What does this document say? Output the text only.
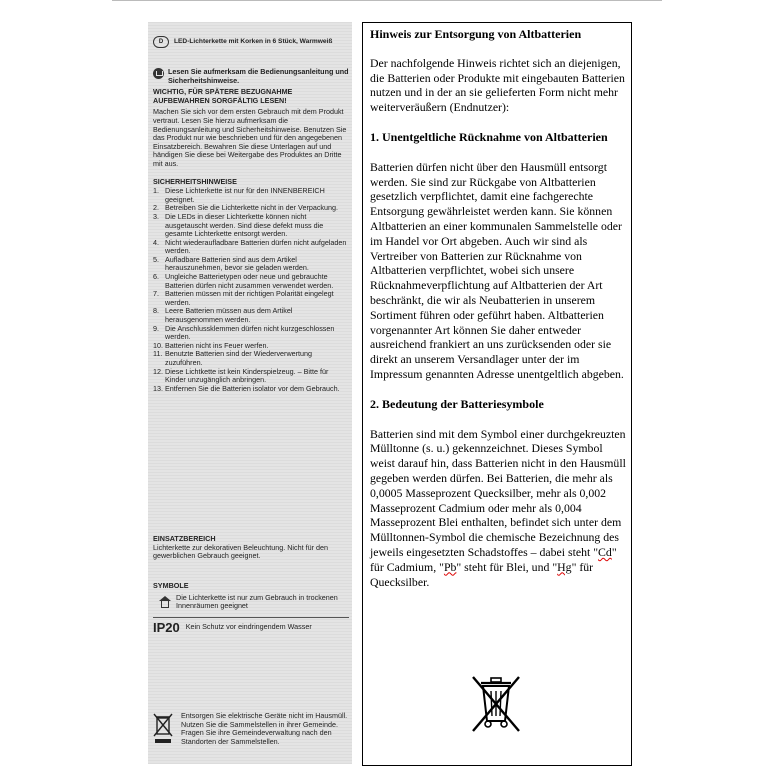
D	LED-Lichterkette mit Korken in 6 Stück, Warmweiß
Lesen Sie aufmerksam die Bedienungsanleitung und Sicherheitshinweise.
WICHTIG, FÜR SPÄTERE BEZUGNAHME AUFBEWAHREN SORGFÄLTIG LESEN!
Machen Sie sich vor dem ersten Gebrauch mit dem Produkt vertraut. Lesen Sie hierzu aufmerksam die Bedienungsanleitung und Sicherheitshinweise. Benutzen Sie das Produkt nur wie beschrieben und für den angegebenen Einsatzbereich. Bewahren Sie diese Unterlagen auf und händigen Sie diese bei Weitergabe des Produktes an Dritte mit aus.
SICHERHEITSHINWEISE
1. Diese Lichterkette ist nur für den INNENBEREICH geeignet.
2. Betreiben Sie die Lichterkette nicht in der Verpackung.
3. Die LEDs in dieser Lichterkette können nicht ausgetauscht werden. Sind diese defekt muss die gesamte Lichterkette entsorgt werden.
4. Nicht wiederaufladbare Batterien dürfen nicht aufgeladen werden.
5. Aufladbare Batterien sind aus dem Artikel herauszunehmen, bevor sie geladen werden.
6. Ungleiche Batterietypen oder neue und gebrauchte Batterien dürfen nicht zusammen verwendet werden.
7. Batterien müssen mit der richtigen Polarität eingelegt werden.
8. Leere Batterien müssen aus dem Artikel herausgenommen werden.
9. Die Anschlussklemmen dürfen nicht kurzgeschlossen werden.
10. Batterien nicht ins Feuer werfen.
11. Benutzte Batterien sind der Wiederverwertung zuzuführen.
12. Diese Lichtkette ist kein Kinderspielzeug. – Bitte für Kinder unzugänglich anbringen.
13. Entfernen Sie die Batterien isolator vor dem Gebrauch.
EINSATZBEREICH
Lichterkette zur dekorativen Beleuchtung. Nicht für den gewerblichen Gebrauch geeignet.
SYMBOLE
Die Lichterkette ist nur zum Gebrauch in trockenen Innenräumen geeignet
IP20 Kein Schutz vor eindringendem Wasser
Entsorgen Sie elektrische Geräte nicht im Hausmüll. Nutzen Sie die Sammelstellen in ihrer Gemeinde. Fragen Sie ihre Gemeindeverwaltung nach den Standorten der Sammelstellen.
Hinweis zur Entsorgung von Altbatterien

Der nachfolgende Hinweis richtet sich an diejenigen, die Batterien oder Produkte mit eingebauten Batterien nutzen und in der an sie gelieferten Form nicht mehr weiterveräußern (Endnutzer):

1. Unentgeltliche Rücknahme von Altbatterien

Batterien dürfen nicht über den Hausmüll entsorgt werden. Sie sind zur Rückgabe von Altbatterien gesetzlich verpflichtet, damit eine fachgerechte Entsorgung gewährleistet werden kann. Sie können Altbatterien an einer kommunalen Sammelstelle oder im Handel vor Ort abgeben. Auch wir sind als Vertreiber von Batterien zur Rücknahme von Altbatterien verpflichtet, wobei sich unsere Rücknahmeverpflichtung auf Altbatterien der Art beschränkt, die wir als Neubatterien in unserem Sortiment führen oder geführt haben. Altbatterien vorgenannter Art können Sie daher entweder ausreichend frankiert an uns zurücksenden oder sie direkt an unserem Versandlager unter der im Impressum genannten Adresse unentgeltlich abgeben.

2. Bedeutung der Batteriesymbole

Batterien sind mit dem Symbol einer durchgekreuzten Mülltonne (s. u.) gekennzeichnet. Dieses Symbol weist darauf hin, dass Batterien nicht in den Hausmüll gegeben werden dürfen. Bei Batterien, die mehr als 0,0005 Masseprozent Quecksilber, mehr als 0,002 Masseprozent Cadmium oder mehr als 0,004 Masseprozent Blei enthalten, befindet sich unter dem Mülltonnen-Symbol die chemische Bezeichnung des jeweils eingesetzten Schadstoffes – dabei steht "Cd" für Cadmium, "Pb" steht für Blei, und "Hg" für Quecksilber.
